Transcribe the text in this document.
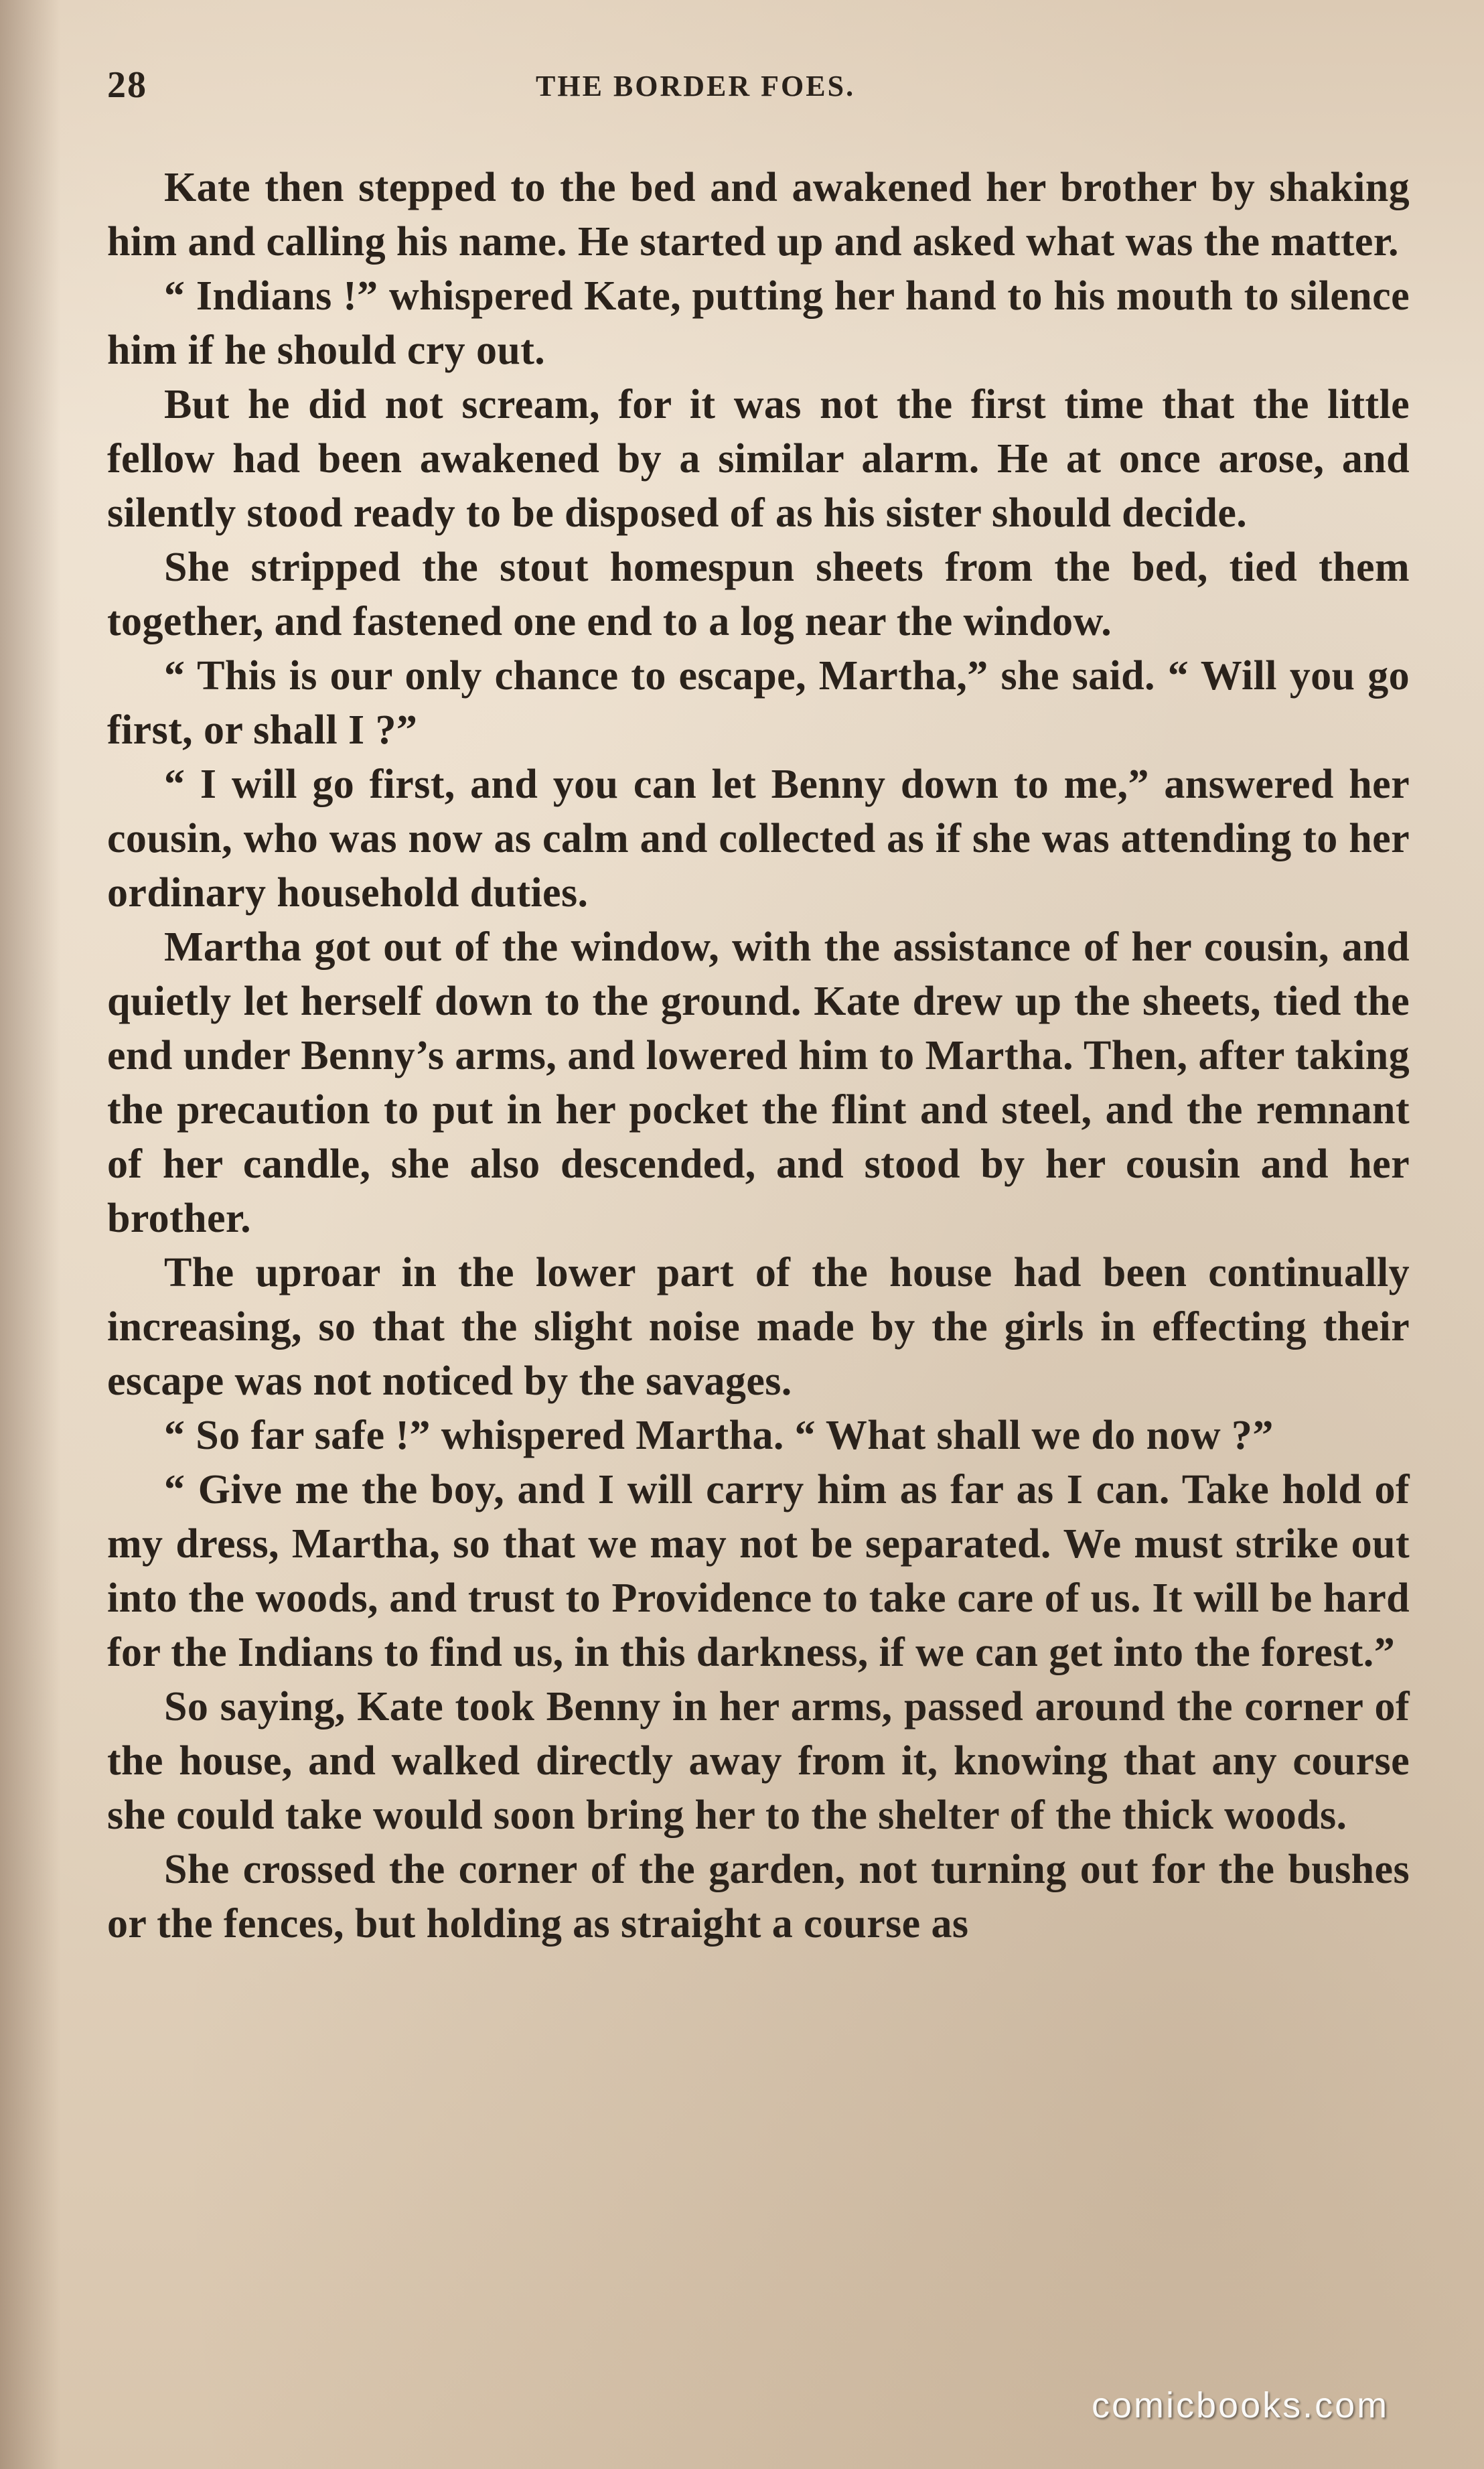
28	THE BORDER FOES.

Kate then stepped to the bed and awakened her brother by shaking him and calling his name. He started up and asked what was the matter.

“ Indians !” whispered Kate, putting her hand to his mouth to silence him if he should cry out.

But he did not scream, for it was not the first time that the little fellow had been awakened by a similar alarm. He at once arose, and silently stood ready to be disposed of as his sister should decide.

She stripped the stout homespun sheets from the bed, tied them together, and fastened one end to a log near the window.

“ This is our only chance to escape, Martha,” she said. “ Will you go first, or shall I ?”

“ I will go first, and you can let Benny down to me,” answered her cousin, who was now as calm and collected as if she was attending to her ordinary household duties.

Martha got out of the window, with the assistance of her cousin, and quietly let herself down to the ground. Kate drew up the sheets, tied the end under Benny’s arms, and lowered him to Martha. Then, after taking the precaution to put in her pocket the flint and steel, and the remnant of her candle, she also descended, and stood by her cousin and her brother.

The uproar in the lower part of the house had been continually increasing, so that the slight noise made by the girls in effecting their escape was not noticed by the savages.

“ So far safe !” whispered Martha. “ What shall we do now ?”

“ Give me the boy, and I will carry him as far as I can. Take hold of my dress, Martha, so that we may not be separated. We must strike out into the woods, and trust to Providence to take care of us. It will be hard for the Indians to find us, in this darkness, if we can get into the forest.”

So saying, Kate took Benny in her arms, passed around the corner of the house, and walked directly away from it, knowing that any course she could take would soon bring her to the shelter of the thick woods.

She crossed the corner of the garden, not turning out for the bushes or the fences, but holding as straight a course as

comicbooks.com
